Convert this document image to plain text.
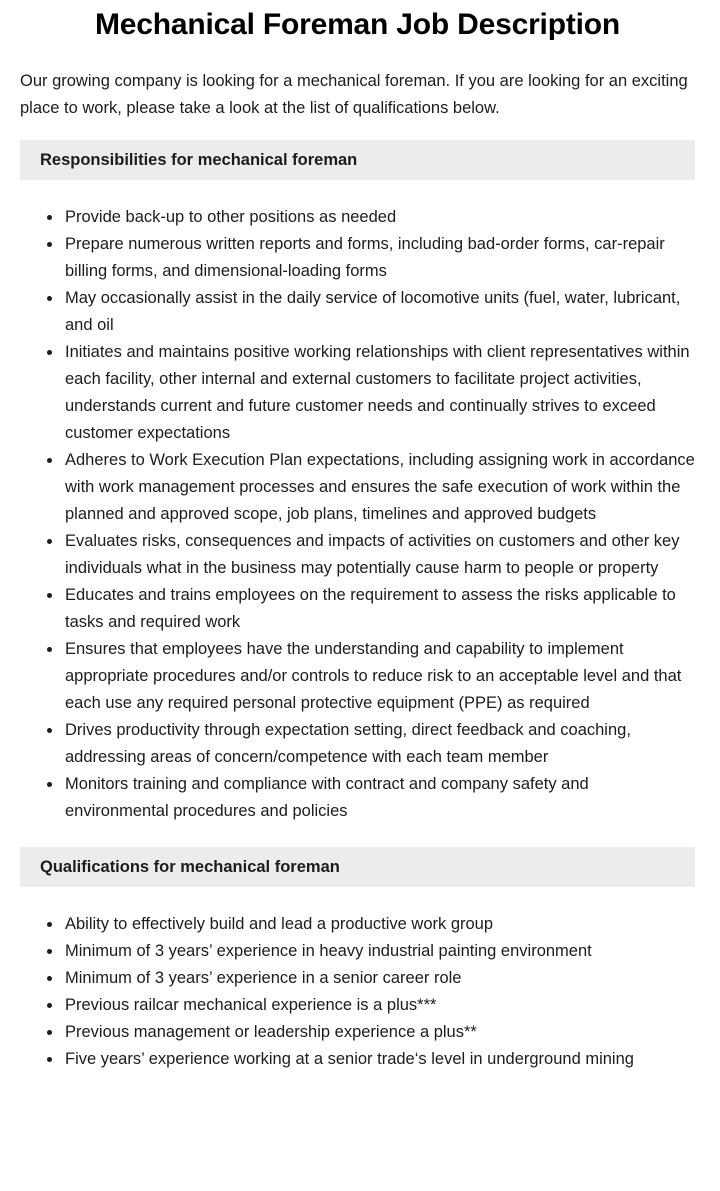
Mechanical Foreman Job Description

Our growing company is looking for a mechanical foreman. If you are looking for an exciting place to work, please take a look at the list of qualifications below.

Responsibilities for mechanical foreman
• Provide back-up to other positions as needed
• Prepare numerous written reports and forms, including bad-order forms, car-repair billing forms, and dimensional-loading forms
• May occasionally assist in the daily service of locomotive units (fuel, water, lubricant, and oil
• Initiates and maintains positive working relationships with client representatives within each facility, other internal and external customers to facilitate project activities, understands current and future customer needs and continually strives to exceed customer expectations
• Adheres to Work Execution Plan expectations, including assigning work in accordance with work management processes and ensures the safe execution of work within the planned and approved scope, job plans, timelines and approved budgets
• Evaluates risks, consequences and impacts of activities on customers and other key individuals what in the business may potentially cause harm to people or property
• Educates and trains employees on the requirement to assess the risks applicable to tasks and required work
• Ensures that employees have the understanding and capability to implement appropriate procedures and/or controls to reduce risk to an acceptable level and that each use any required personal protective equipment (PPE) as required
• Drives productivity through expectation setting, direct feedback and coaching, addressing areas of concern/competence with each team member
• Monitors training and compliance with contract and company safety and environmental procedures and policies
Qualifications for mechanical foreman
• Ability to effectively build and lead a productive work group
• Minimum of 3 years’ experience in heavy industrial painting environment
• Minimum of 3 years’ experience in a senior career role
• Previous railcar mechanical experience is a plus***
• Previous management or leadership experience a plus**
• Five years’ experience working at a senior trade‘s level in underground mining
